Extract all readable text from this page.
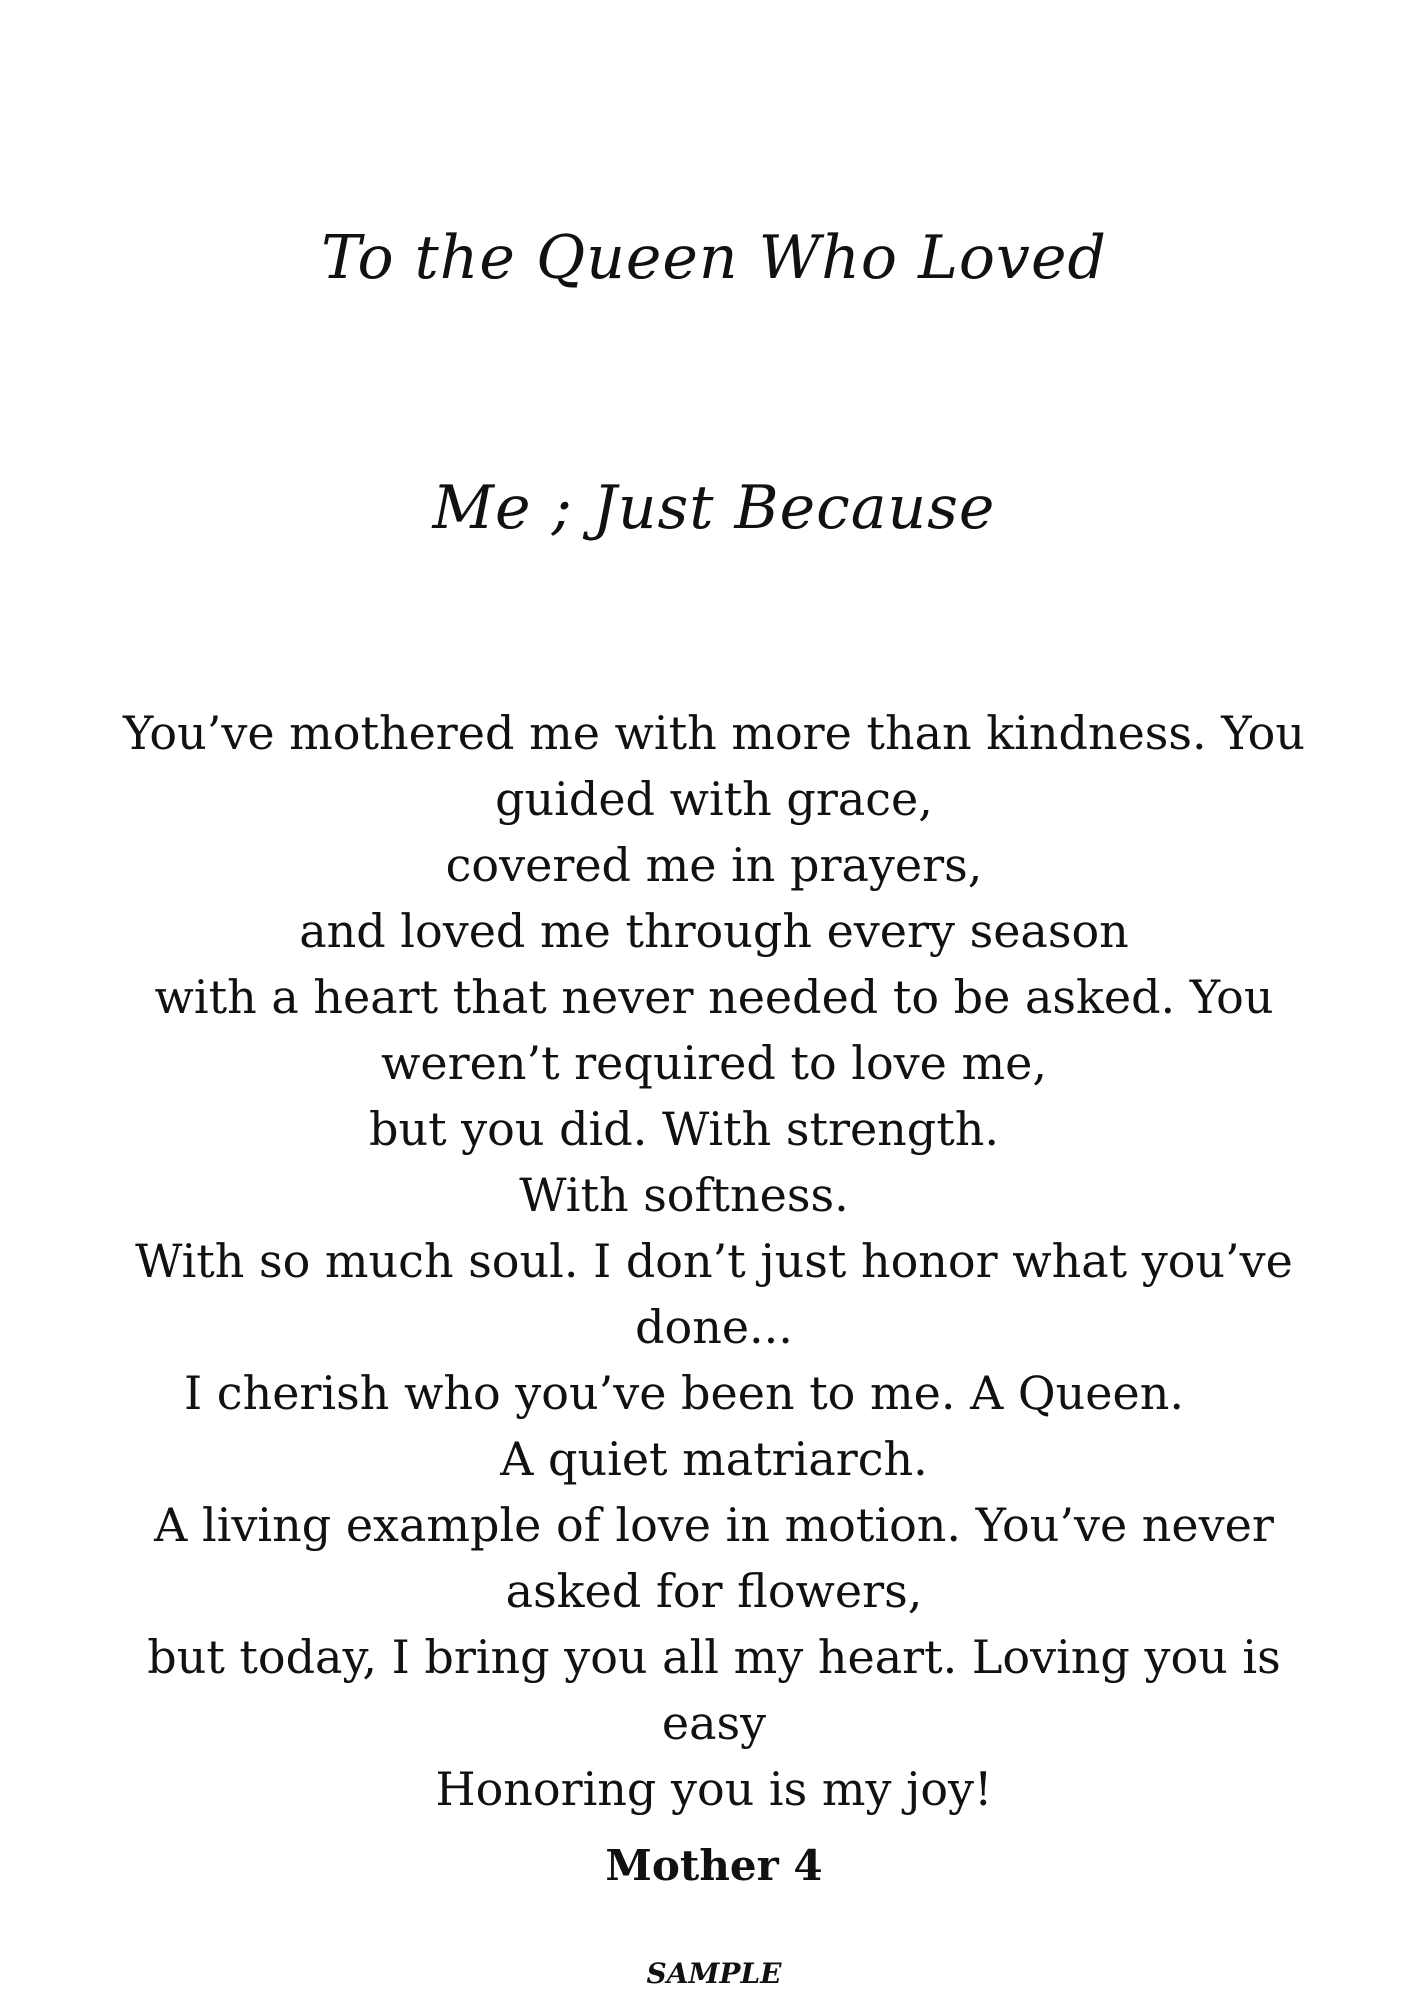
To the Queen Who Loved
Me ; Just Because
You’ve mothered me with more than kindness. You
guided with grace,
covered me in prayers,
and loved me through every season
with a heart that never needed to be asked. You
weren’t required to love me,
but you did. With strength.
With softness.
With so much soul. I don’t just honor what you’ve
done...
I cherish who you’ve been to me. A Queen.
A quiet matriarch.
A living example of love in motion. You’ve never
asked for flowers,
but today, I bring you all my heart. Loving you is
easy
Honoring you is my joy!
Mother 4
SAMPLE
